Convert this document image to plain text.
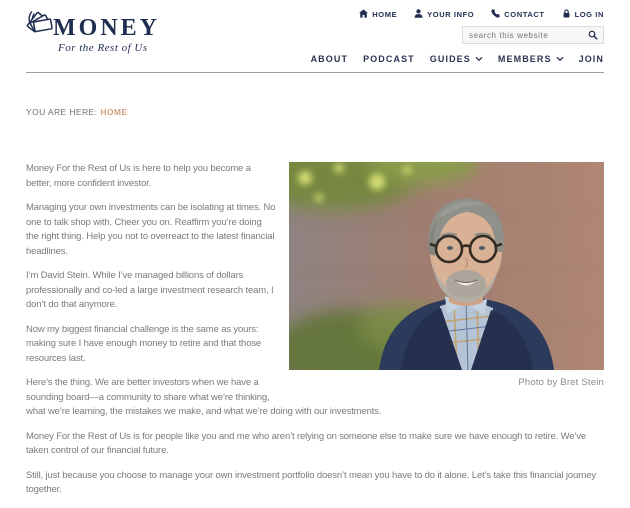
MONEY
For the Rest of Us
HOME	YOUR INFO	CONTACT	LOG IN
search this website
ABOUT PODCAST GUIDES	MEMBERS	JOIN
YOU ARE HERE: HOME
Photo by Bret Stein

Money For the Rest of Us is here to help you become a better, more confident investor.

Managing your own investments can be isolating at times. No one to talk shop with. Cheer you on. Reaffirm you’re doing the right thing. Help you not to overreact to the latest financial headlines.

I’m David Stein. While I’ve managed billions of dollars professionally and co-led a large investment research team, I don’t do that anymore.

Now my biggest financial challenge is the same as yours: making sure I have enough money to retire and that those resources last.

Here’s the thing. We are better investors when we have a sounding board—a community to share what we’re thinking, what we’re learning, the mistakes we make, and what we’re doing with our investments.

Money For the Rest of Us is for people like you and me who aren’t relying on someone else to make sure we have enough to retire. We’ve taken control of our financial future.

Still, just because you choose to manage your own investment portfolio doesn’t mean you have to do it alone. Let’s take this financial journey together.
